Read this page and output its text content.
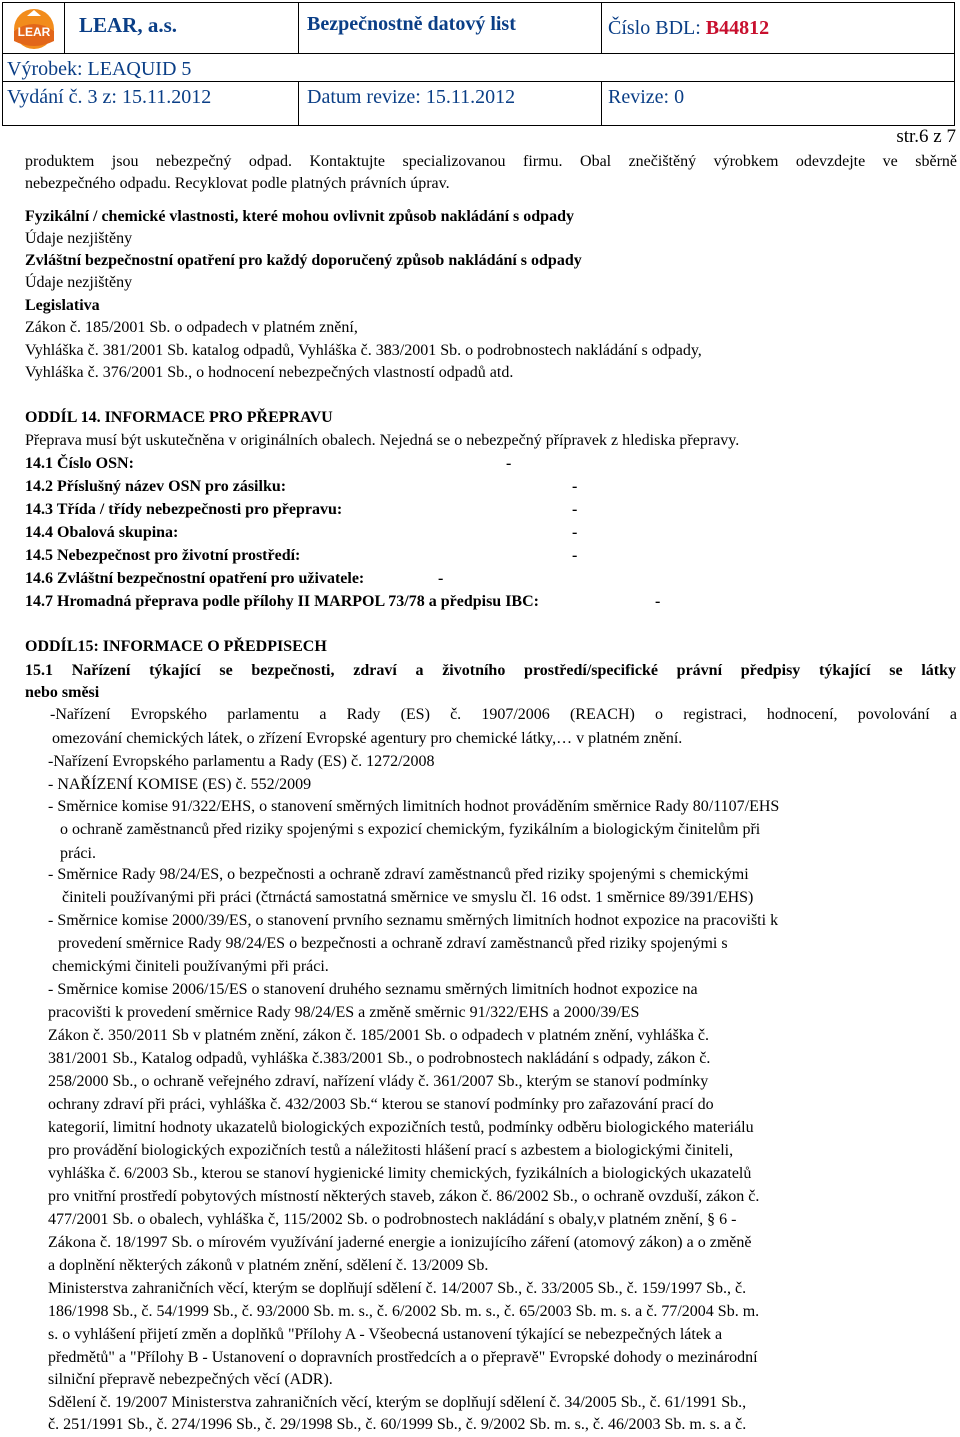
LEAR LEAR, a.s.	Bezpečnostně datový list	Číslo BDL: B44812
Výrobek: LEAQUID 5
Vydání č. 3 z: 15.11.2012	Datum revize: 15.11.2012	Revize: 0
str.6 z 7
produktem jsou nebezpečný odpad. Kontaktujte specializovanou firmu. Obal znečištěný výrobkem odevzdejte ve sběrně
nebezpečného odpadu. Recyklovat podle platných právních úprav.
Fyzikální / chemické vlastnosti, které mohou ovlivnit způsob nakládání s odpady
Údaje nezjištěny
Zvláštní bezpečnostní opatření pro každý doporučený způsob nakládání s odpady
Údaje nezjištěny
Legislativa
Zákon č. 185/2001 Sb. o odpadech v platném znění,
Vyhláška č. 381/2001 Sb. katalog odpadů, Vyhláška č. 383/2001 Sb. o podrobnostech nakládání s odpady,
Vyhláška č. 376/2001 Sb., o hodnocení nebezpečných vlastností odpadů atd.
ODDÍL 14. INFORMACE PRO PŘEPRAVU
Přeprava musí být uskutečněna v originálních obalech. Nejedná se o nebezpečný přípravek z hlediska přepravy.
14.1 Číslo OSN:	-
14.2 Příslušný název OSN pro zásilku:	-
14.3 Třída / třídy nebezpečnosti pro přepravu:	-
14.4 Obalová skupina:	-
14.5 Nebezpečnost pro životní prostředí:	-
14.6 Zvláštní bezpečnostní opatření pro uživatele:	-
14.7 Hromadná přeprava podle přílohy II MARPOL 73/78 a předpisu IBC:	-
ODDÍL15: INFORMACE O PŘEDPISECH
15.1 Nařízení týkající se bezpečnosti, zdraví a životního prostředí/specifické právní předpisy týkající se látky
nebo směsi
-Nařízení Evropského parlamentu a Rady (ES) č. 1907/2006 (REACH) o registraci, hodnocení, povolování a
omezování chemických látek, o zřízení Evropské agentury pro chemické látky,… v platném znění.
-Nařízení Evropského parlamentu a Rady (ES) č. 1272/2008
- NAŘÍZENÍ KOMISE (ES) č. 552/2009
- Směrnice komise 91/322/EHS, o stanovení směrných limitních hodnot prováděním směrnice Rady 80/1107/EHS
o ochraně zaměstnanců před riziky spojenými s expozicí chemickým, fyzikálním a biologickým činitelům při
práci.
- Směrnice Rady 98/24/ES, o bezpečnosti a ochraně zdraví zaměstnanců před riziky spojenými s chemickými
činiteli používanými při práci (čtrnáctá samostatná směrnice ve smyslu čl. 16 odst. 1 směrnice 89/391/EHS)
- Směrnice komise 2000/39/ES, o stanovení prvního seznamu směrných limitních hodnot expozice na pracovišti k
provedení směrnice Rady 98/24/ES o bezpečnosti a ochraně zdraví zaměstnanců před riziky spojenými s
chemickými činiteli používanými při práci.
- Směrnice komise 2006/15/ES o stanovení druhého seznamu směrných limitních hodnot expozice na
pracovišti k provedení směrnice Rady 98/24/ES a změně směrnic 91/322/EHS a 2000/39/ES
Zákon č. 350/2011 Sb v platném znění, zákon č. 185/2001 Sb. o odpadech v platném znění, vyhláška č.
381/2001 Sb., Katalog odpadů, vyhláška č.383/2001 Sb., o podrobnostech nakládání s odpady, zákon č.
258/2000 Sb., o ochraně veřejného zdraví, nařízení vlády č. 361/2007 Sb., kterým se stanoví podmínky
ochrany zdraví při práci, vyhláška č. 432/2003 Sb.“ kterou se stanoví podmínky pro zařazování prací do
kategorií, limitní hodnoty ukazatelů biologických expozičních testů, podmínky odběru biologického materiálu
pro provádění biologických expozičních testů a náležitosti hlášení prací s azbestem a biologickými činiteli,
vyhláška č. 6/2003 Sb., kterou se stanoví hygienické limity chemických, fyzikálních a biologických ukazatelů
pro vnitřní prostředí pobytových místností některých staveb, zákon č. 86/2002 Sb., o ochraně ovzduší, zákon č.
477/2001 Sb. o obalech, vyhláška č, 115/2002 Sb. o podrobnostech nakládání s obaly,v platném znění, § 6 -
Zákona č. 18/1997 Sb. o mírovém využívání jaderné energie a ionizujícího záření (atomový zákon) a o změně
a doplnění některých zákonů v platném znění, sdělení č. 13/2009 Sb.
Ministerstva zahraničních věcí, kterým se doplňují sdělení č. 14/2007 Sb., č. 33/2005 Sb., č. 159/1997 Sb., č.
186/1998 Sb., č. 54/1999 Sb., č. 93/2000 Sb. m. s., č. 6/2002 Sb. m. s., č. 65/2003 Sb. m. s. a č. 77/2004 Sb. m.
s. o vyhlášení přijetí změn a doplňků "Přílohy A - Všeobecná ustanovení týkající se nebezpečných látek a
předmětů" a "Přílohy B - Ustanovení o dopravních prostředcích a o přepravě" Evropské dohody o mezinárodní
silniční přepravě nebezpečných věcí (ADR).
Sdělení č. 19/2007 Ministerstva zahraničních věcí, kterým se doplňují sdělení č. 34/2005 Sb., č. 61/1991 Sb.,
č. 251/1991 Sb., č. 274/1996 Sb., č. 29/1998 Sb., č. 60/1999 Sb., č. 9/2002 Sb. m. s., č. 46/2003 Sb. m. s. a č.
